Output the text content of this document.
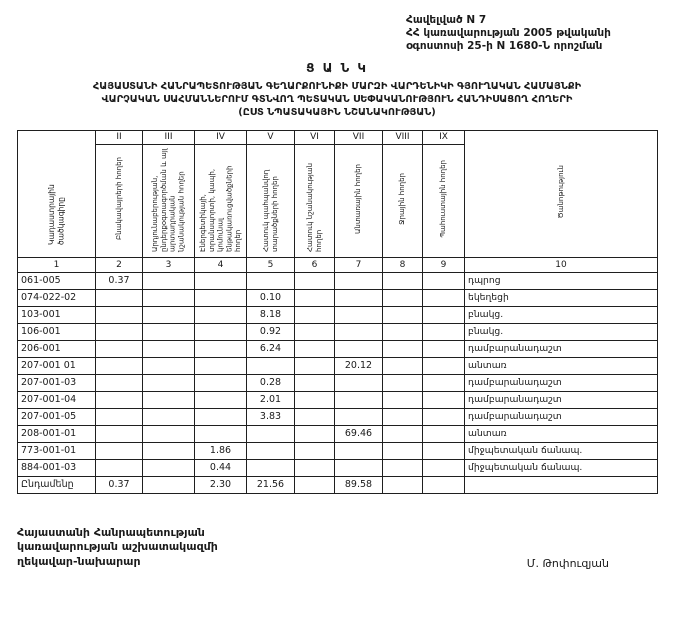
Հավելված N 7
ՀՀ կառավարության 2005 թվականի
օգոստոսի 25-ի N 1680-Ն որոշման
Ց Ա Ն Կ
ՀԱՅԱՍՏԱՆԻ ՀԱՆՐԱՊԵՏՈՒԹՅԱՆ ԳԵՂԱՐՔՈՒՆԻՔԻ ՄԱՐԶԻ ՎԱՐԴԵՆԻԿԻ ԳՅՈՒՂԱԿԱՆ ՀԱՄԱՅՆՔԻ
ՎԱՐՉԱԿԱՆ ՍԱՀՄԱՆՆԵՐՈՒՄ ԳՏՆՎՈՂ ՊԵՏԱԿԱՆ ՍԵՓԱԿԱՆՈՒԹՅՈՒՆ ՀԱՆԴԻՍԱՑՈՂ ՀՈՂԵՐԻ
(ԸՍՏ ՆՊԱՏԱԿԱՅԻՆ ՆՇԱՆԱԿՈՒԹՅԱՆ)
Կադաստրային ծածկագիրը	II	III	IV	V	VI	VII	VIII	IX	Ծանոթություն
	Բնակավայրերի հողեր	Արդյունաբերության, ընդերքօգտագործման և այլ արտադրական նշանակության հողեր	Էներգետիկայի, տրանսպորտի, կապի, կոմունալ ենթակառուցվածքների հողեր	Հատուկ պահպանվող տարածքների հողեր	Հատուկ նշանակության հողեր	Անտառային հողեր	Ջրային հողեր	Պահուստային հողեր	
1	2	3	4	5	6	7	8	9	10
061-005	0.37								դպրոց
074-022-02				0.10					եկեղեցի
103-001				8.18					բնակց.
106-001				0.92					բնակց.
206-001				6.24					դամբարանադաշտ
207-001 01						20.12			անտառ
207-001-03				0.28					դամբարանադաշտ
207-001-04				2.01					դամբարանադաշտ
207-001-05				3.83					դամբարանադաշտ
208-001-01						69.46			անտառ
773-001-01			1.86						միջպետական ճանապ.
884-001-03			0.44						միջպետական ճանապ.
Ընդամենը	0.37		2.30	21.56		89.58			
Հայաստանի Հանրապետության
կառավարության աշխատակազմի
ղեկավար-նախարար	Մ. Թոփուզյան
